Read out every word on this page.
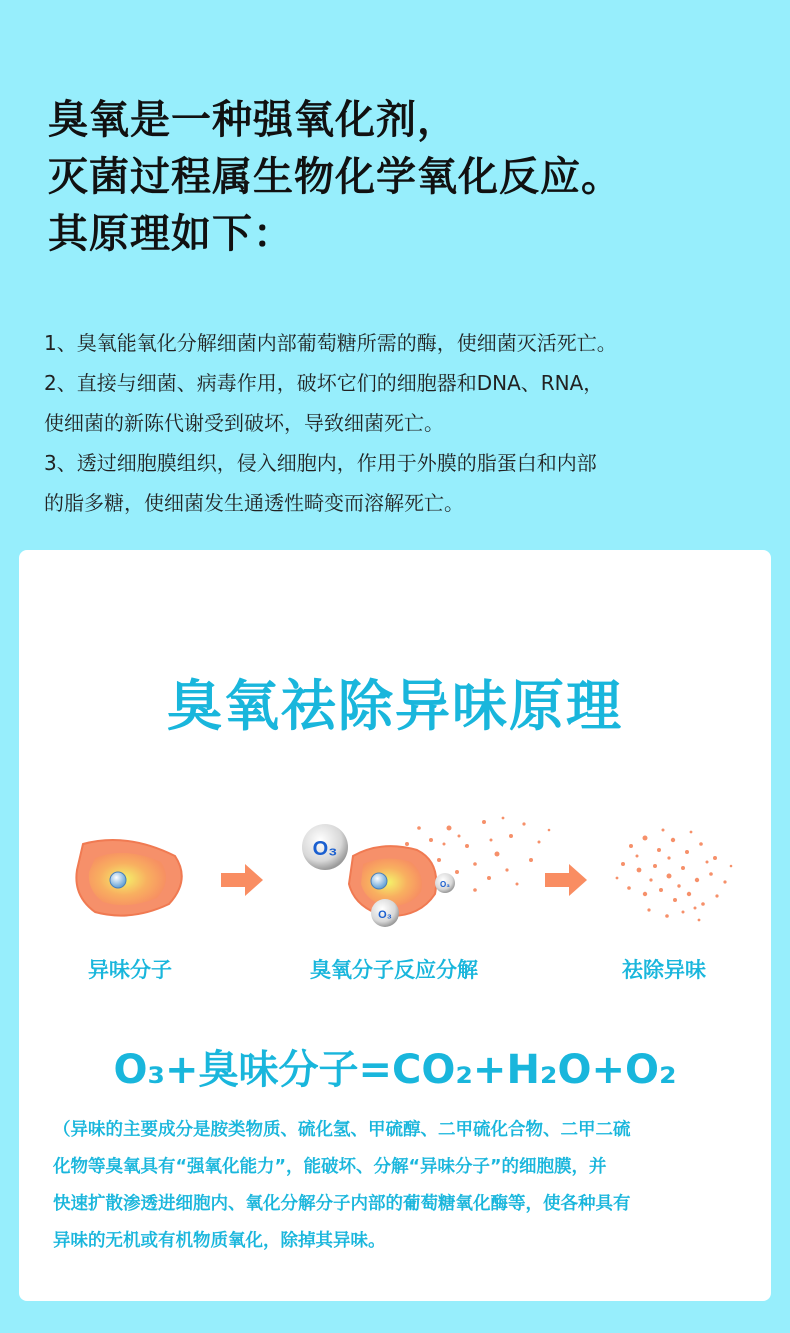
臭氧是一种强氧化剂，
灭菌过程属生物化学氧化反应。
其原理如下：
1、臭氧能氧化分解细菌内部葡萄糖所需的酶，使细菌灭活死亡。
2、直接与细菌、病毒作用，破坏它们的细胞器和DNA、RNA，
使细菌的新陈代谢受到破坏，导致细菌死亡。
3、透过细胞膜组织，侵入细胞内，作用于外膜的脂蛋白和内部
的脂多糖，使细菌发生通透性畸变而溶解死亡。
臭氧祛除异味原理
O₃
O₃
O₃
异味分子	臭氧分子反应分解	祛除异味
O₃+臭味分子=CO₂+H₂O+O₂
（异味的主要成分是胺类物质、硫化氢、甲硫醇、二甲硫化合物、二甲二硫
化物等臭氧具有“强氧化能力”，能破坏、分解“异味分子”的细胞膜，并
快速扩散渗透进细胞内、氧化分解分子内部的葡萄糖氧化酶等，使各种具有
异味的无机或有机物质氧化，除掉其异味。
